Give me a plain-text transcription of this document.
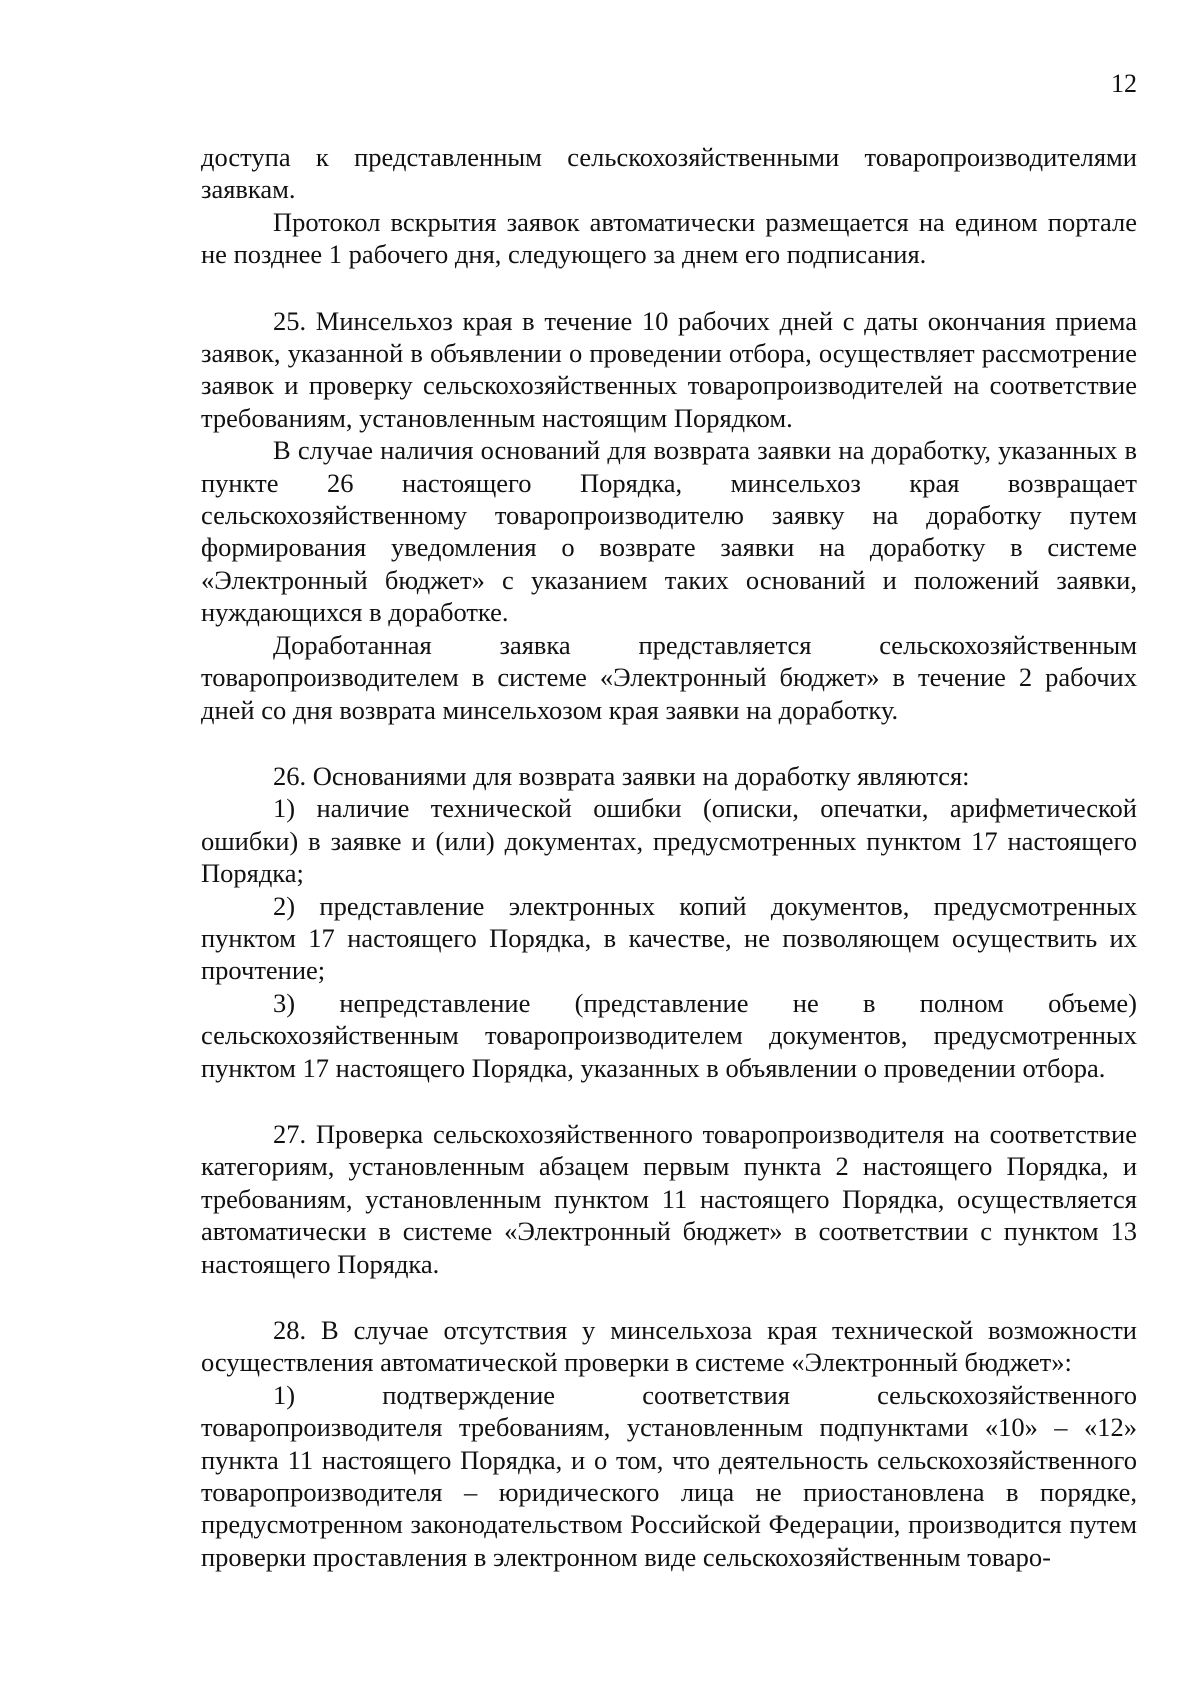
12

доступа к представленным сельскохозяйственными товаропроизводителями заявкам.

Протокол вскрытия заявок автоматически размещается на едином портале не позднее 1 рабочего дня, следующего за днем его подписания.

25. Минсельхоз края в течение 10 рабочих дней с даты окончания приема заявок, указанной в объявлении о проведении отбора, осуществляет рассмотрение заявок и проверку сельскохозяйственных товаропроизводителей на соответствие требованиям, установленным настоящим Порядком.

В случае наличия оснований для возврата заявки на доработку, указанных в пункте 26 настоящего Порядка, минсельхоз края возвращает сельскохозяйственному товаропроизводителю заявку на доработку путем формирования уведомления о возврате заявки на доработку в системе «Электронный бюджет» с указанием таких оснований и положений заявки, нуждающихся в доработке.

Доработанная заявка представляется сельскохозяйственным товаропроизводителем в системе «Электронный бюджет» в течение 2 рабочих дней со дня возврата минсельхозом края заявки на доработку.

26. Основаниями для возврата заявки на доработку являются:

1) наличие технической ошибки (описки, опечатки, арифметической ошибки) в заявке и (или) документах, предусмотренных пунктом 17 настоящего Порядка;

2) представление электронных копий документов, предусмотренных пунктом 17 настоящего Порядка, в качестве, не позволяющем осуществить их прочтение;

3) непредставление (представление не в полном объеме) сельскохозяйственным товаропроизводителем документов, предусмотренных пунктом 17 настоящего Порядка, указанных в объявлении о проведении отбора.

27. Проверка сельскохозяйственного товаропроизводителя на соответствие категориям, установленным абзацем первым пункта 2 настоящего Порядка, и требованиям, установленным пунктом 11 настоящего Порядка, осуществляется автоматически в системе «Электронный бюджет» в соответствии с пунктом 13 настоящего Порядка.

28. В случае отсутствия у минсельхоза края технической возможности осуществления автоматической проверки в системе «Электронный бюджет»:

1) подтверждение соответствия сельскохозяйственного товаропроизводителя требованиям, установленным подпунктами «10» – «12» пункта 11 настоящего Порядка, и о том, что деятельность сельскохозяйственного товаропроизводителя – юридического лица не приостановлена в порядке, предусмотренном законодательством Российской Федерации, производится путем проверки проставления в электронном виде сельскохозяйственным товаро-
